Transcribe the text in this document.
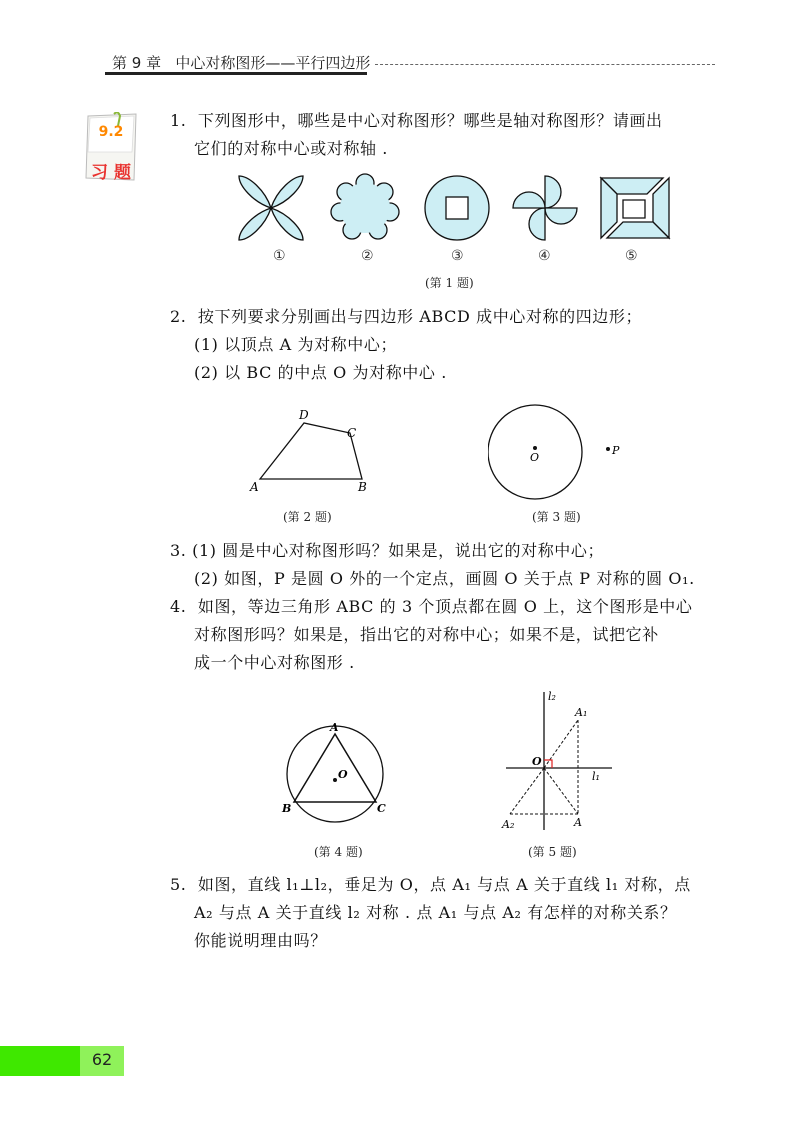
第 9 章 中心对称图形——平行四边形
9.2
习 题
1. 下列图形中，哪些是中心对称图形？哪些是轴对称图形？请画出
它们的对称中心或对称轴 .
①	②	③	④	⑤
(第 1 题)
2. 按下列要求分别画出与四边形 ABCD 成中心对称的四边形；
(1) 以顶点 A 为对称中心；
(2) 以 BC 的中点 O 为对称中心 .
A	B
C
D
(第 2 题)
O
P
(第 3 题)
3. (1) 圆是中心对称图形吗？如果是，说出它的对称中心；
(2) 如图，P 是圆 O 外的一个定点，画圆 O 关于点 P 对称的圆 O₁.
4. 如图，等边三角形 ABC 的 3 个顶点都在圆 O 上，这个图形是中心
对称图形吗？如果是，指出它的对称中心；如果不是，试把它补
成一个中心对称图形 .
A
B	C
O
(第 4 题)
l₂
l₁
A₁
A
A₂
O
(第 5 题)
5. 如图，直线 l₁⊥l₂，垂足为 O，点 A₁ 与点 A 关于直线 l₁ 对称，点
A₂ 与点 A 关于直线 l₂ 对称 . 点 A₁ 与点 A₂ 有怎样的对称关系？
你能说明理由吗？
62
